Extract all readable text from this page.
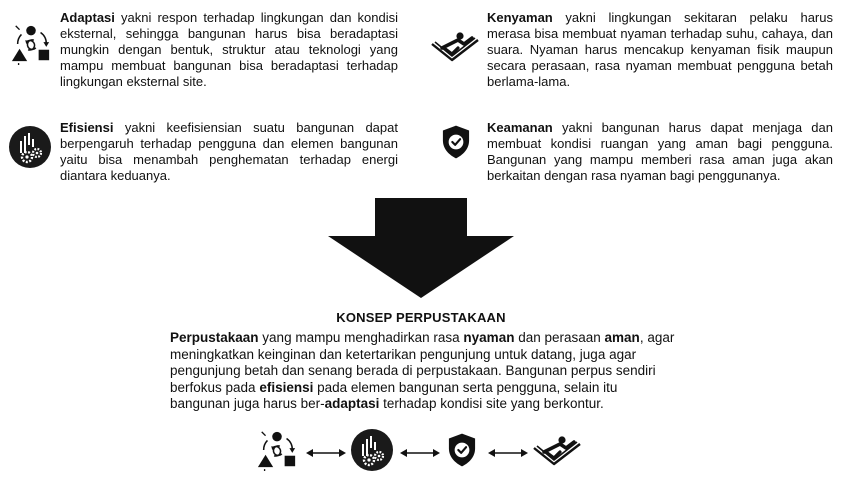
Adaptasi yakni respon terhadap lingkungan dan kondisi eksternal, sehingga bangunan harus bisa beradaptasi mungkin dengan bentuk, struktur atau teknologi yang mampu membuat bangunan bisa beradaptasi terhadap lingkungan eksternal site.
Kenyaman yakni lingkungan sekitaran pelaku harus merasa bisa membuat nyaman terhadap suhu, cahaya, dan suara. Nyaman harus mencakup kenyaman fisik maupun secara perasaan, rasa nyaman membuat pengguna betah berlama-lama.
Efisiensi yakni keefisiensian suatu bangunan dapat berpengaruh terhadap pengguna dan elemen bangunan yaitu bisa menambah penghematan terhadap energi diantara keduanya.
Keamanan yakni bangunan harus dapat menjaga dan membuat kondisi ruangan yang aman bagi pengguna. Bangunan yang mampu memberi rasa aman juga akan berkaitan dengan rasa nyaman bagi penggunanya.
KONSEP PERPUSTAKAAN
Perpustakaan yang mampu menghadirkan rasa nyaman dan perasaan aman, agar meningkatkan keinginan dan ketertarikan pengunjung untuk datang, juga agar pengunjung betah dan senang berada di perpustakaan. Bangunan perpus sendiri berfokus pada efisiensi pada elemen bangunan serta pengguna, selain itu bangunan juga harus ber-adaptasi terhadap kondisi site yang berkontur.
